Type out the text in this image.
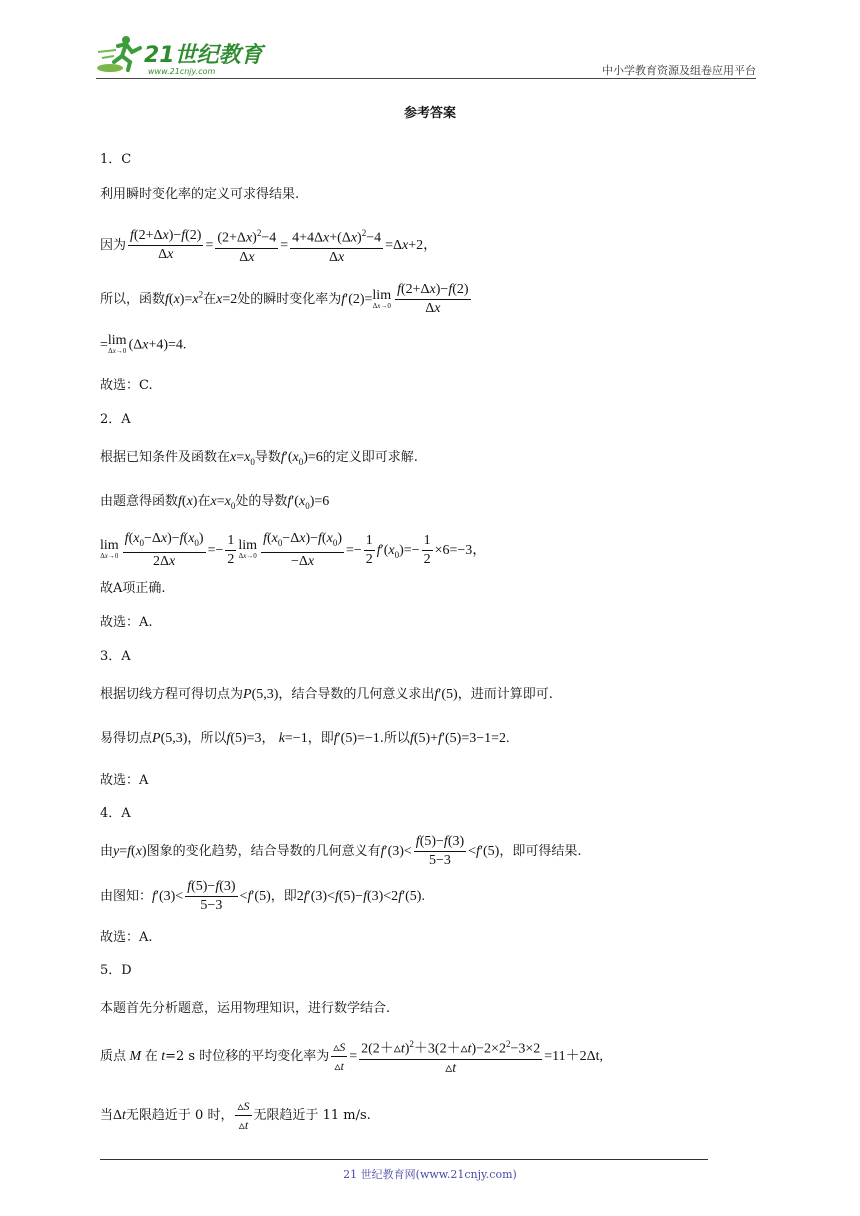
21世纪教育
www.21cnjy.com	中小学教育资源及组卷应用平台
参考答案
1．C
利用瞬时变化率的定义可求得结果.
因为 $\frac{f(2+\Delta x)-f(2)}{\Delta x} = \frac{(2+\Delta x)^2-4}{\Delta x} = \frac{4+4\Delta x+(\Delta x)^2-4}{\Delta x} =\Delta x+2$，
所以，函数$f(x)=x^2$在x=2处的瞬时变化率为f′(2)=lim
$\Delta x\to 0 \frac{f(2+\Delta x)-f(2)}{\Delta x}$
=lim
Δx→0 (Δx+4)=4.
故选：C.
2．A
根据已知条件及函数在$x=x_0$导数$f'(x_0)=6$的定义即可求解.
由题意得函数f(x)在$x=x_0$处的导数$f'(x_0)=6$
lim
$\Delta x\to 0 \frac{f(x_0-\Delta x)-f(x_0)}{2\Delta x} =- \frac{1}{2}$ lim
$\Delta x\to 0 \frac{f(x_0-\Delta x)-f(x_0)}{-\Delta x} =- \frac{1}{2} f'(x_0)=- \frac{1}{2} \times 6=-3$，
故A项正确.
故选：A.
3．A
根据切线方程可得切点为P(5,3)，结合导数的几何意义求出f′(5)，进而计算即可.
易得切点P(5,3)，所以f(5)=3， k=−1，即f′(5)=−1.所以f(5)+f′(5)=3−1=2.
故选：A
4．A
由y=f(x)图象的变化趋势，结合导数的几何意义有$f'(3)< \frac{f(5)-f(3)}{5-3} <f'(5)$，即可得结果.
由图知：$f'(3)< \frac{f(5)-f(3)}{5-3} <f'(5)$，即2f′(3)<f(5)−f(3)<2f′(5).
故选：A.
5．D
本题首先分析题意，运用物理知识，进行数学结合.
质点 M 在 t=2 s 时位移的平均变化率为 $\frac{▵S}{▵t} = \frac{2(2+▵t)^2+3(2+▵t)-2\times 2^2-3\times 2}{▵t} =11+2\Delta t$,
当Δt无限趋近于 0 时， $\frac{▵S}{▵t}$ 无限趋近于 11 m/s.
21 世纪教育网(www.21cnjy.com)
